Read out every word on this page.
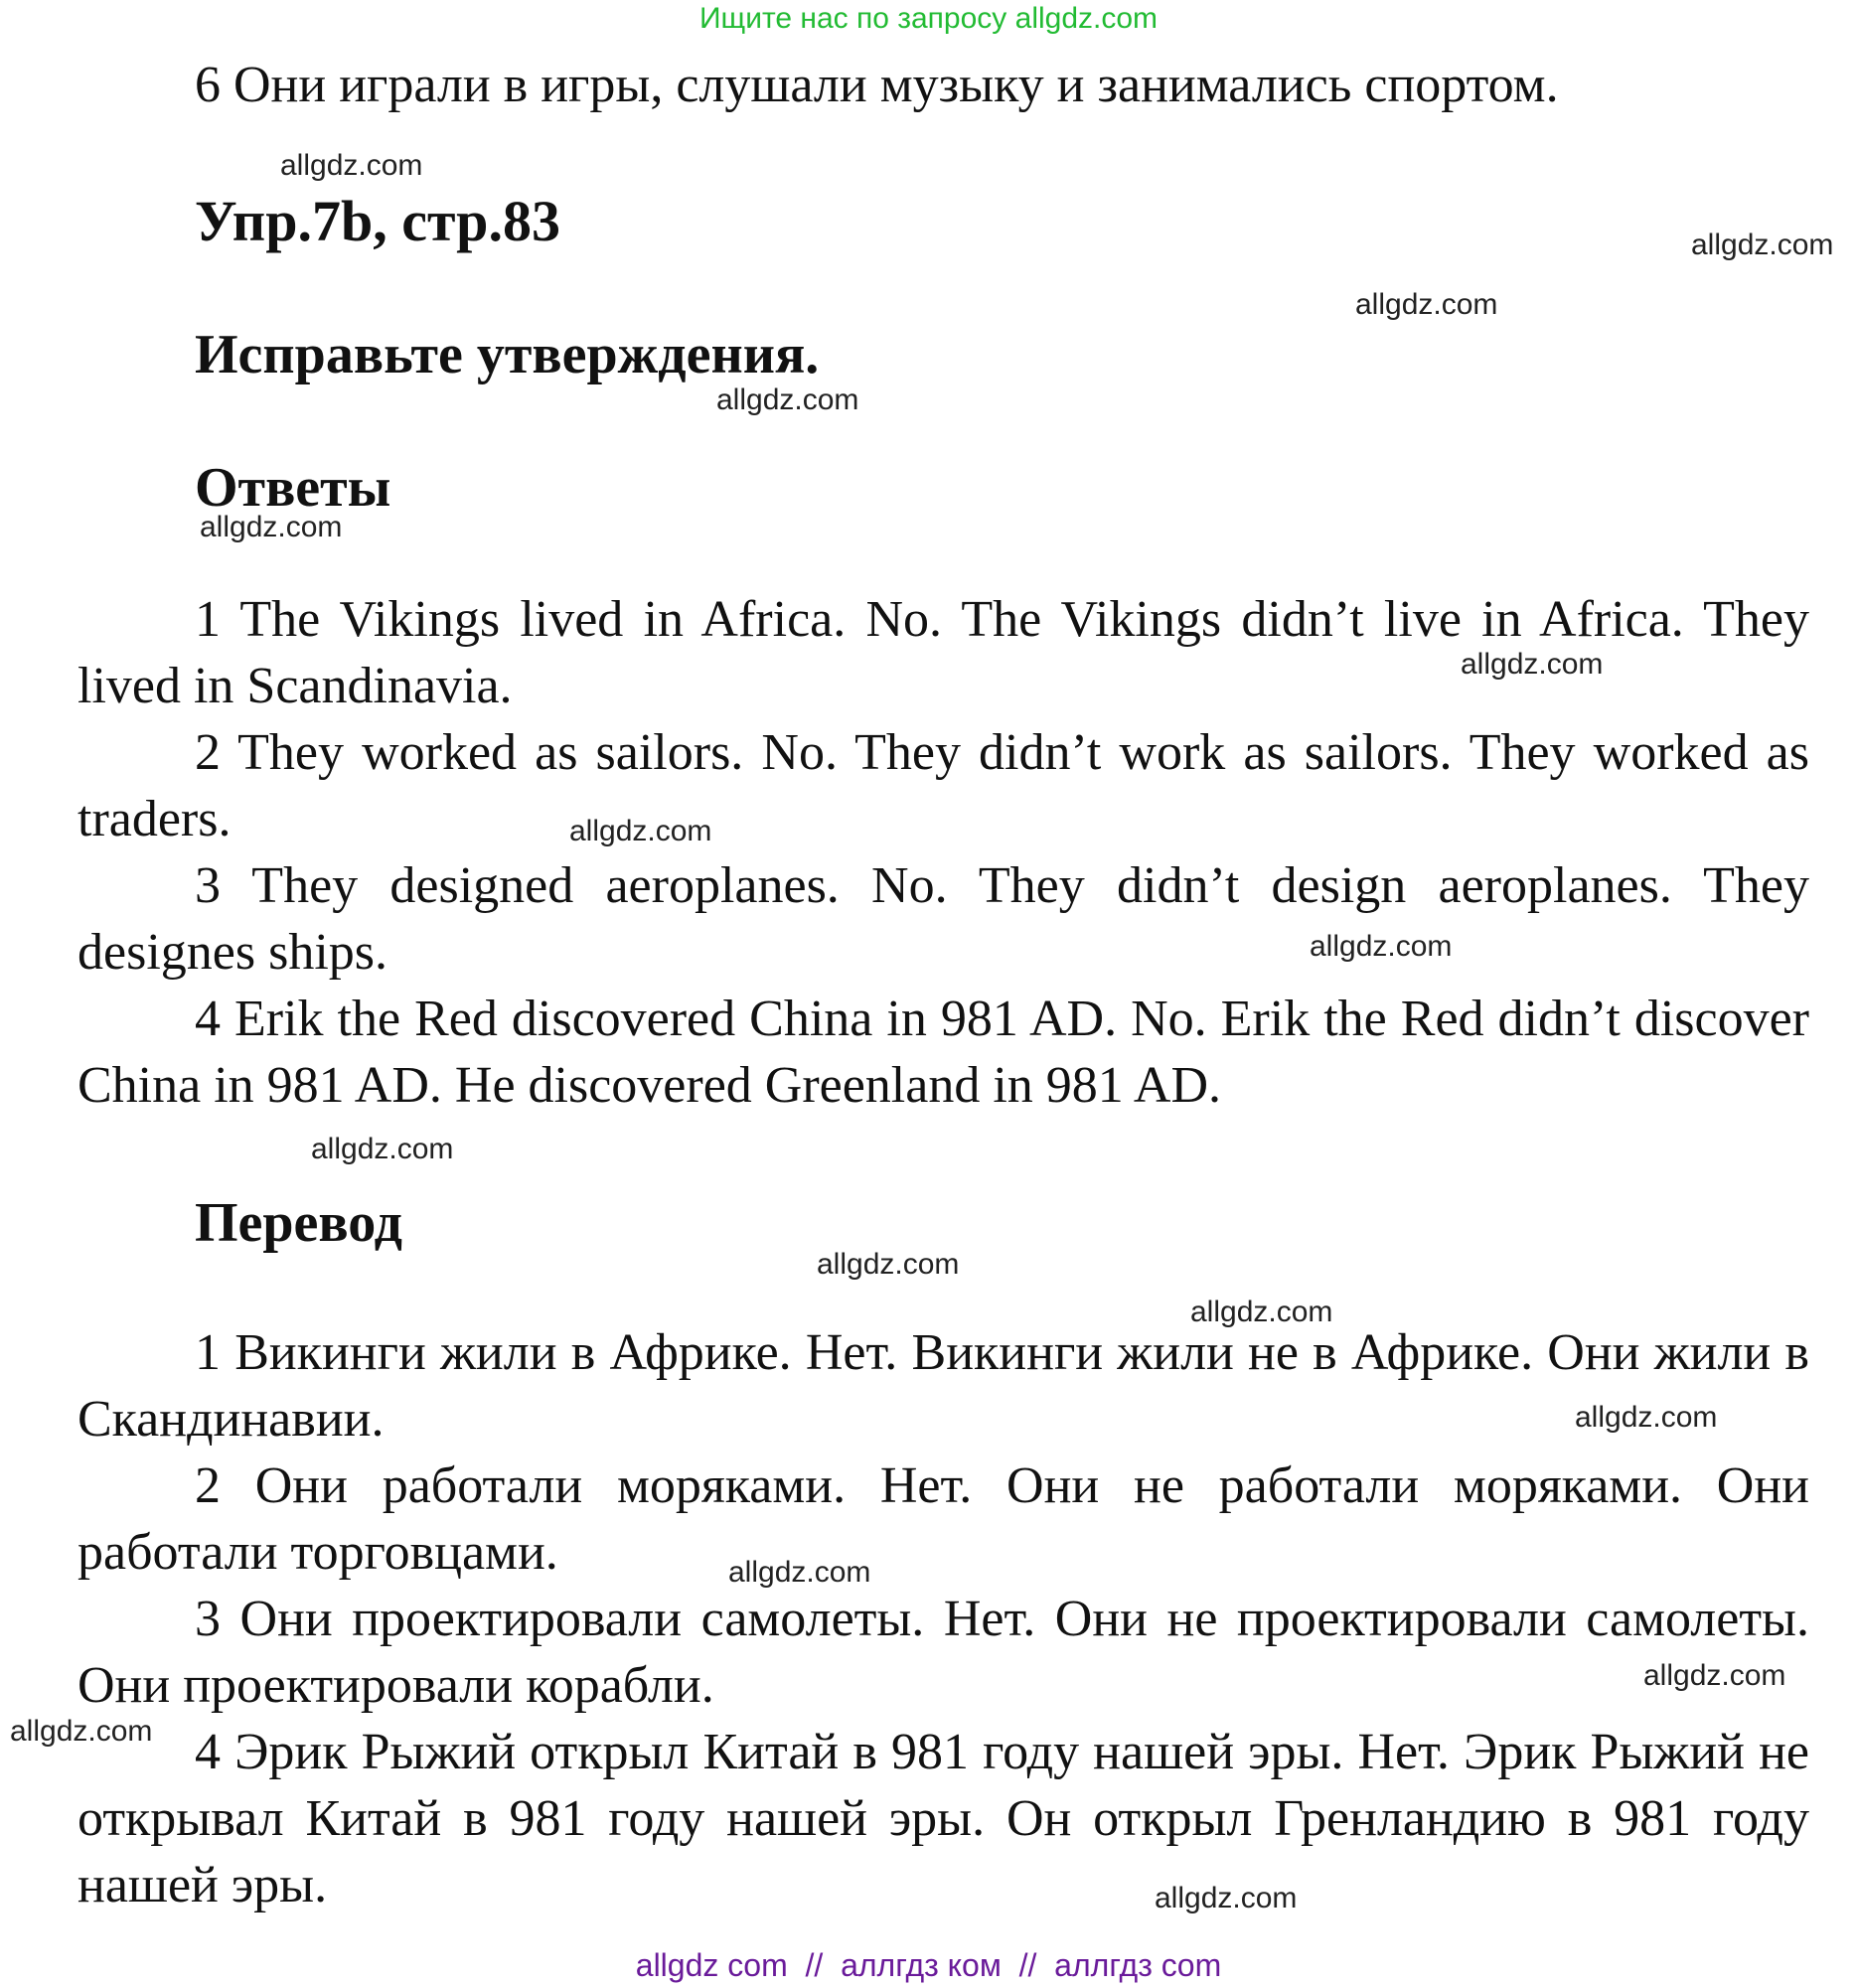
Ищите нас по запросу allgdz.com
6 Они играли в игры, слушали музыку и занимались спортом.
allgdz.com
Упр.7b, стр.83	allgdz.com
allgdz.com
Исправьте утверждения.
allgdz.com
Ответы
allgdz.com

1 The Vikings lived in Africa. No. The Vikings didn’t live in Africa. They lived in Scandinavia.

2 They worked as sailors. No. They didn’t work as sailors. They worked as traders.

3 They designed aeroplanes. No. They didn’t design aeroplanes. They designes ships.

4 Erik the Red discovered China in 981 AD. No. Erik the Red didn’t discover China in 981 AD. He discovered Greenland in 981 AD.

allgdz.com
allgdz.com
allgdz.com
allgdz.com
Перевод
allgdz.com
allgdz.com

1 Викинги жили в Африке. Нет. Викинги жили не в Африке. Они жили в Скандинавии.

2 Они работали моряками. Нет. Они не работали моряками. Они работали торговцами.

3 Они проектировали самолеты. Нет. Они не проектировали самолеты. Они проектировали корабли.

4 Эрик Рыжий открыл Китай в 981 году нашей эры. Нет. Эрик Рыжий не открывал Китай в 981 году нашей эры. Он открыл Гренландию в 981 году нашей эры.

allgdz.com
allgdz.com
allgdz.com
allgdz.com
allgdz.com
allgdz com  //  аллгдз ком  //  аллгдз com
